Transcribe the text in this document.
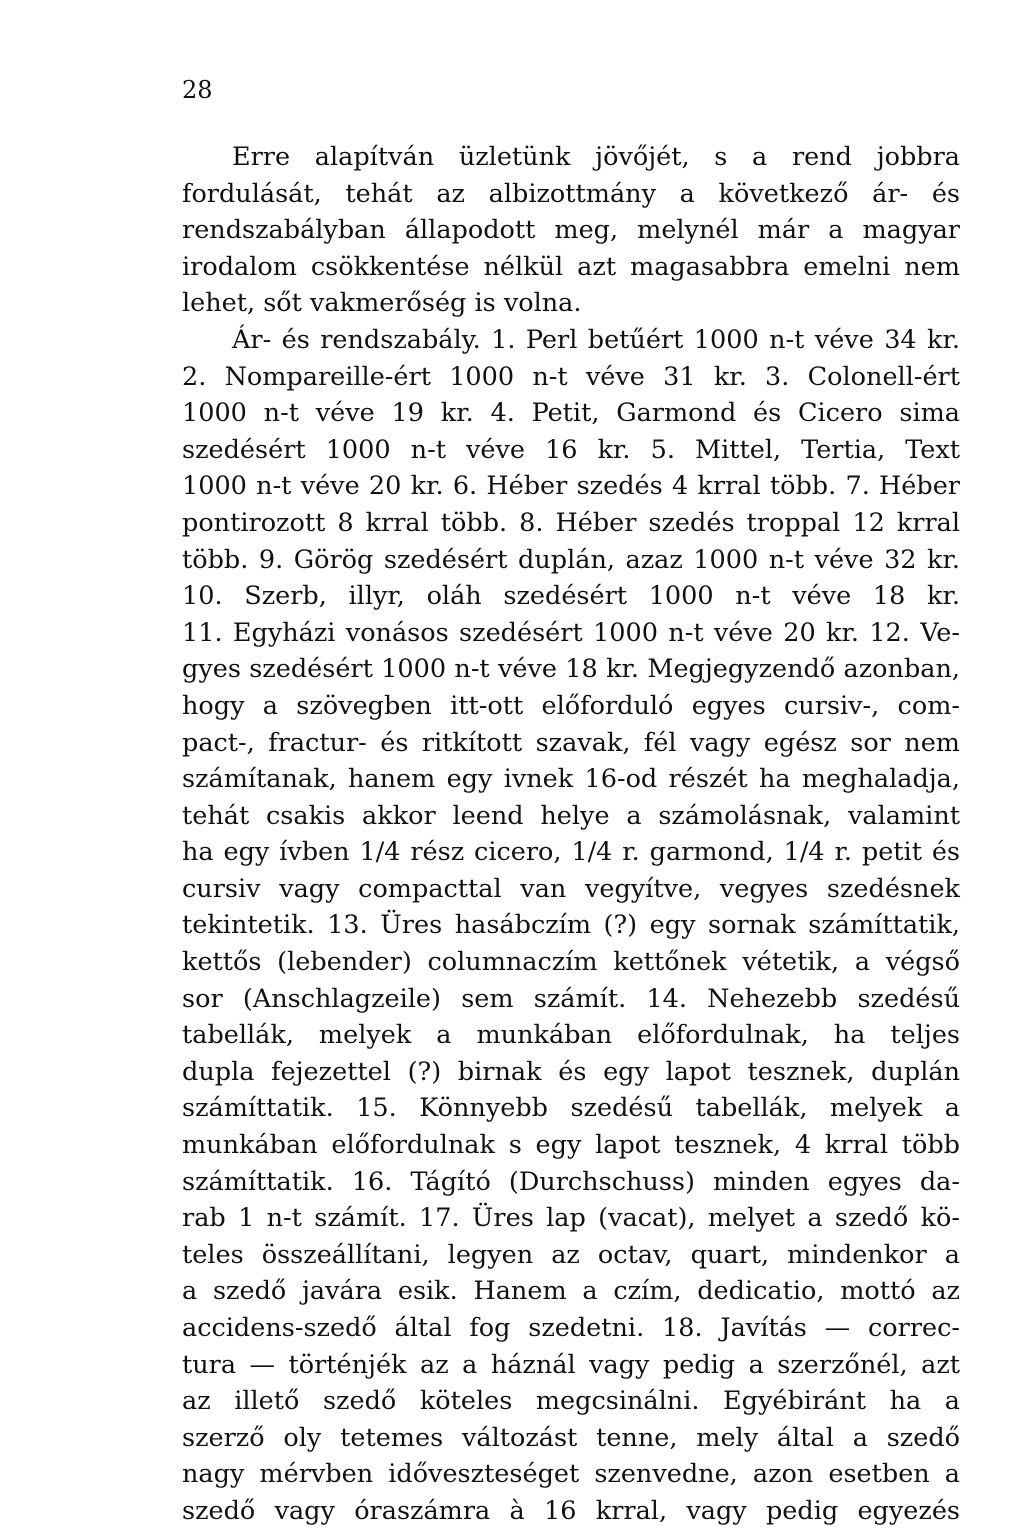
28
Erre alapítván üzletünk jövőjét, s a rend jobbra
fordulását, tehát az albizottmány a következő ár- és
rendszabályban állapodott meg, melynél már a magyar
irodalom csökkentése nélkül azt magasabbra emelni nem
lehet, sőt vakmerőség is volna.
Ár- és rendszabály. 1. Perl betűért 1000 n-t véve 34 kr.
2. Nompareille-ért 1000 n-t véve 31 kr. 3. Colonell-ért
1000 n-t véve 19 kr. 4. Petit, Garmond és Cicero sima
szedésért 1000 n-t véve 16 kr. 5. Mittel, Tertia, Text
1000 n-t véve 20 kr. 6. Héber szedés 4 krral több. 7. Héber
pontirozott 8 krral több. 8. Héber szedés troppal 12 krral
több. 9. Görög szedésért duplán, azaz 1000 n-t véve 32 kr.
10. Szerb, illyr, oláh szedésért 1000 n-t véve 18 kr.
11. Egyházi vonásos szedésért 1000 n-t véve 20 kr. 12. Ve-
gyes szedésért 1000 n-t véve 18 kr. Megjegyzendő azonban,
hogy a szövegben itt-ott előforduló egyes cursiv-, com-
pact-, fractur- és ritkított szavak, fél vagy egész sor nem
számítanak, hanem egy ivnek 16-od részét ha meghaladja,
tehát csakis akkor leend helye a számolásnak, valamint
ha egy ívben 1/4 rész cicero, 1/4 r. garmond, 1/4 r. petit és
cursiv vagy compacttal van vegyítve, vegyes szedésnek
tekintetik. 13. Üres hasábczím (?) egy sornak számíttatik,
kettős (lebender) columnaczím kettőnek vétetik, a végső
sor (Anschlagzeile) sem számít. 14. Nehezebb szedésű
tabellák, melyek a munkában előfordulnak, ha teljes
dupla fejezettel (?) birnak és egy lapot tesznek, duplán
számíttatik. 15. Könnyebb szedésű tabellák, melyek a
munkában előfordulnak s egy lapot tesznek, 4 krral több
számíttatik. 16. Tágító (Durchschuss) minden egyes da-
rab 1 n-t számít. 17. Üres lap (vacat), melyet a szedő kö-
teles összeállítani, legyen az octav, quart, mindenkor a
a szedő javára esik. Hanem a czím, dedicatio, mottó az
accidens-szedő által fog szedetni. 18. Javítás — correc-
tura — történjék az a háznál vagy pedig a szerzőnél, azt
az illető szedő köteles megcsinálni. Egyébiránt ha a
szerző oly tetemes változást tenne, mely által a szedő
nagy mérvben időveszteséget szenvedne, azon esetben a
szedő vagy óraszámra à 16 krral, vagy pedig egyezés
